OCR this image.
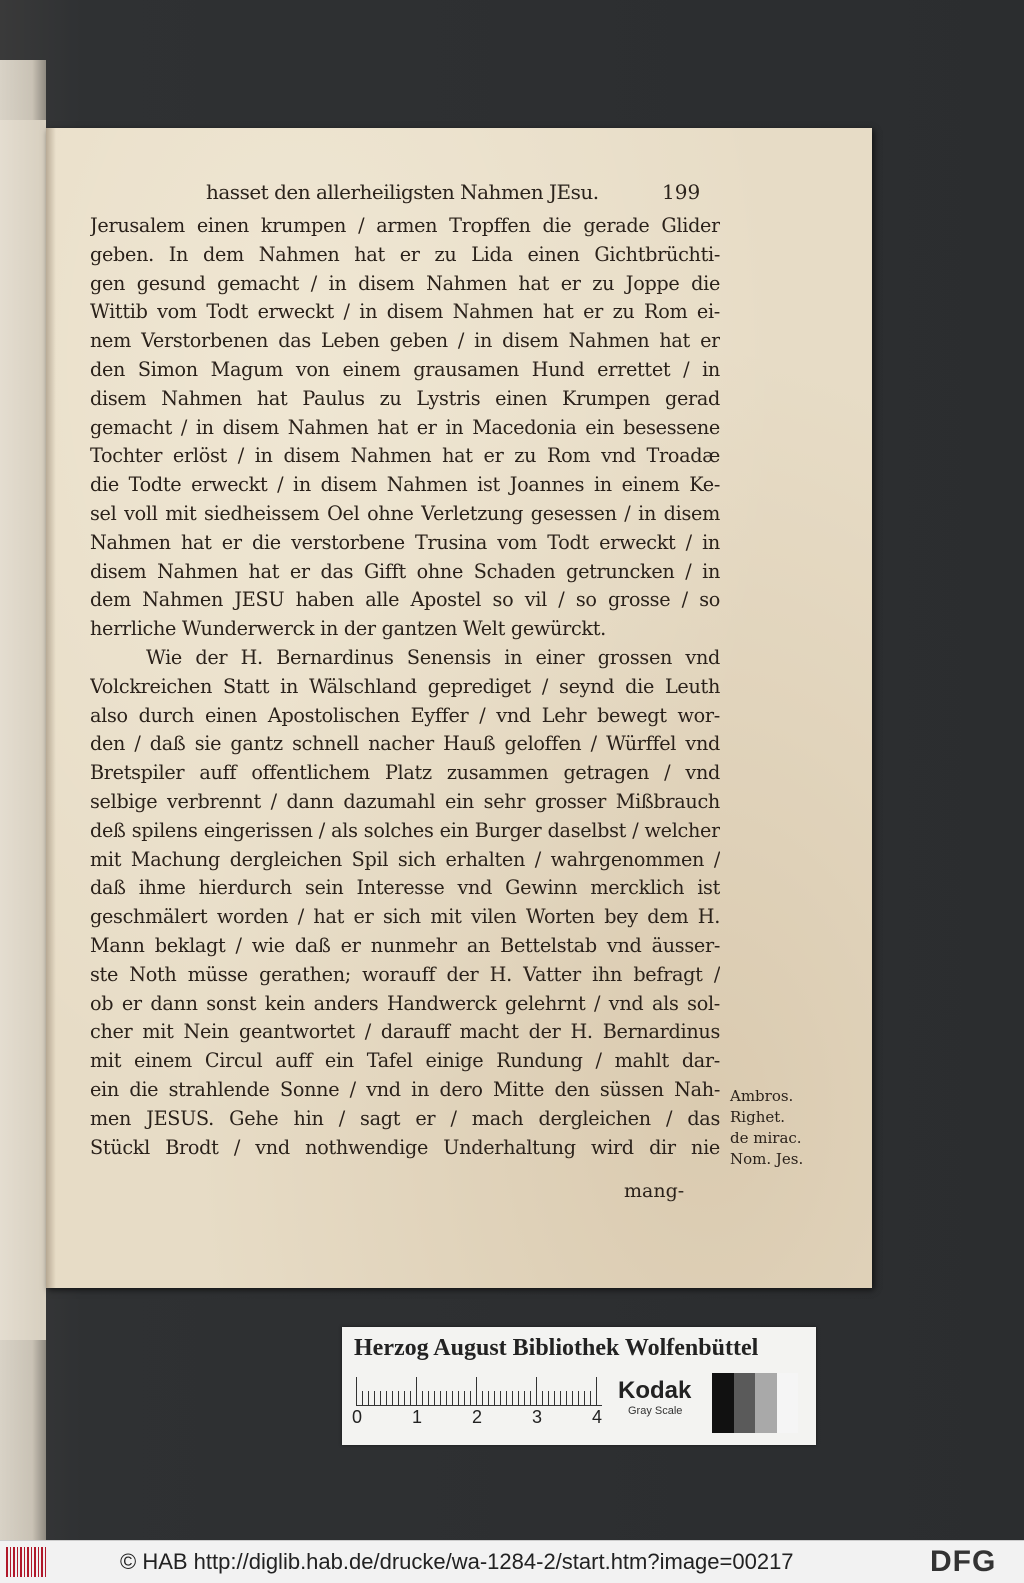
hasset den allerheiligsten Nahmen JEsu.	199
Jerusalem einen krumpen / armen Tropffen die gerade Glider
geben. In dem Nahmen hat er zu Lida einen Gichtbrüchti-
gen gesund gemacht / in disem Nahmen hat er zu Joppe die
Wittib vom Todt erweckt / in disem Nahmen hat er zu Rom ei-
nem Verstorbenen das Leben geben / in disem Nahmen hat er
den Simon Magum von einem grausamen Hund errettet / in
disem Nahmen hat Paulus zu Lystris einen Krumpen gerad
gemacht / in disem Nahmen hat er in Macedonia ein besessene
Tochter erlöst / in disem Nahmen hat er zu Rom vnd Troadæ
die Todte erweckt / in disem Nahmen ist Joannes in einem Ke-
sel voll mit siedheissem Oel ohne Verletzung gesessen / in disem
Nahmen hat er die verstorbene Trusina vom Todt erweckt / in
disem Nahmen hat er das Gifft ohne Schaden getruncken / in
dem Nahmen JESU haben alle Apostel so vil / so grosse / so
herrliche Wunderwerck in der gantzen Welt gewürckt.
Wie der H. Bernardinus Senensis in einer grossen vnd
Volckreichen Statt in Wälschland geprediget / seynd die Leuth
also durch einen Apostolischen Eyffer / vnd Lehr bewegt wor-
den / daß sie gantz schnell nacher Hauß geloffen / Würffel vnd
Bretspiler auff offentlichem Platz zusammen getragen / vnd
selbige verbrennt / dann dazumahl ein sehr grosser Mißbrauch
deß spilens eingerissen / als solches ein Burger daselbst / welcher
mit Machung dergleichen Spil sich erhalten / wahrgenommen /
daß ihme hierdurch sein Interesse vnd Gewinn mercklich ist
geschmälert worden / hat er sich mit vilen Worten bey dem H.
Mann beklagt / wie daß er nunmehr an Bettelstab vnd äusser-
ste Noth müsse gerathen; worauff der H. Vatter ihn befragt /
ob er dann sonst kein anders Handwerck gelehrnt / vnd als sol-
cher mit Nein geantwortet / darauff macht der H. Bernardinus
mit einem Circul auff ein Tafel einige Rundung / mahlt dar-
ein die strahlende Sonne / vnd in dero Mitte den süssen Nah-
men JESUS. Gehe hin / sagt er / mach dergleichen / das
Stückl Brodt / vnd nothwendige Underhaltung wird dir nie
mang-
Ambros.
Righet.
de mirac.
Nom. Jes.
Herzog August Bibliothek Wolfenbüttel
0	1	2	3	4
Kodak
Gray Scale
© HAB http://diglib.hab.de/drucke/wa-1284-2/start.htm?image=00217	DFG
